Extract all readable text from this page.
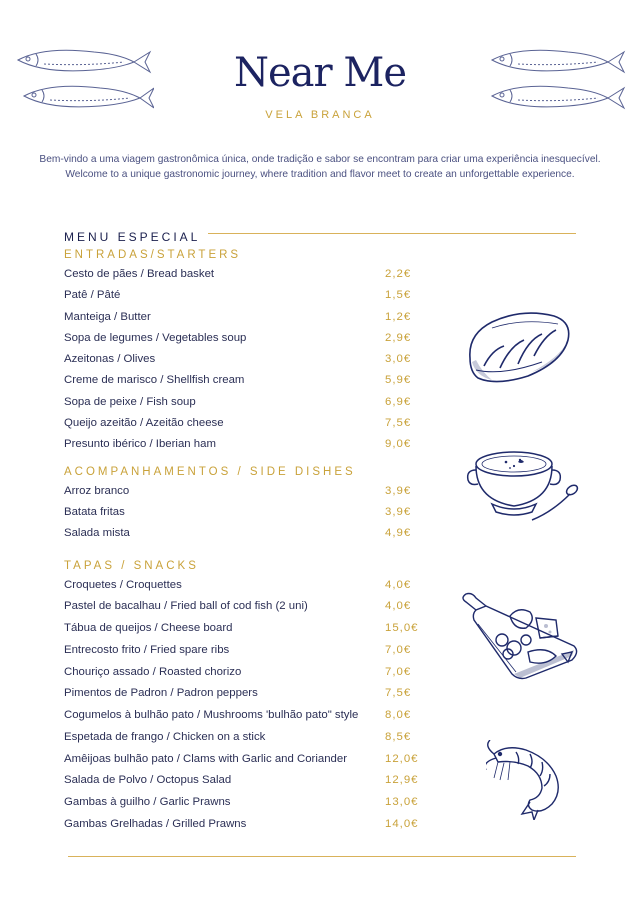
Near Me
VELA BRANCA
Bem-vindo a uma viagem gastronômica única, onde tradição e sabor se encontram para criar uma experiência inesquecível.
Welcome to a unique gastronomic journey, where tradition and flavor meet to create an unforgettable experience.
MENU ESPECIAL
ENTRADAS/STARTERS
Cesto de pães / Bread basket	2,2€
Patê / Pâté	1,5€
Manteiga / Butter	1,2€
Sopa de legumes / Vegetables soup	2,9€
Azeitonas / Olives	3,0€
Creme de marisco / Shellfish cream	5,9€
Sopa de peixe / Fish soup	6,9€
Queijo azeitão / Azeitão cheese	7,5€
Presunto ibérico / Iberian ham	9,0€
ACOMPANHAMENTOS / SIDE DISHES
Arroz branco	3,9€
Batata fritas	3,9€
Salada mista	4,9€
TAPAS / SNACKS
Croquetes / Croquettes	4,0€
Pastel de bacalhau / Fried ball of cod fish (2 uni)	4,0€
Tábua de queijos / Cheese board	15,0€
Entrecosto frito / Fried spare ribs	7,0€
Chouriço assado / Roasted chorizo	7,0€
Pimentos de Padron / Padron peppers	7,5€
Cogumelos à bulhão pato / Mushrooms 'bulhão pato" style 8,0€
Espetada de frango / Chicken on a stick	8,5€
Amêijoas bulhão pato / Clams with Garlic and Coriander	12,0€
Salada de Polvo / Octopus Salad	12,9€
Gambas à guilho / Garlic Prawns	13,0€
Gambas Grelhadas / Grilled Prawns	14,0€
